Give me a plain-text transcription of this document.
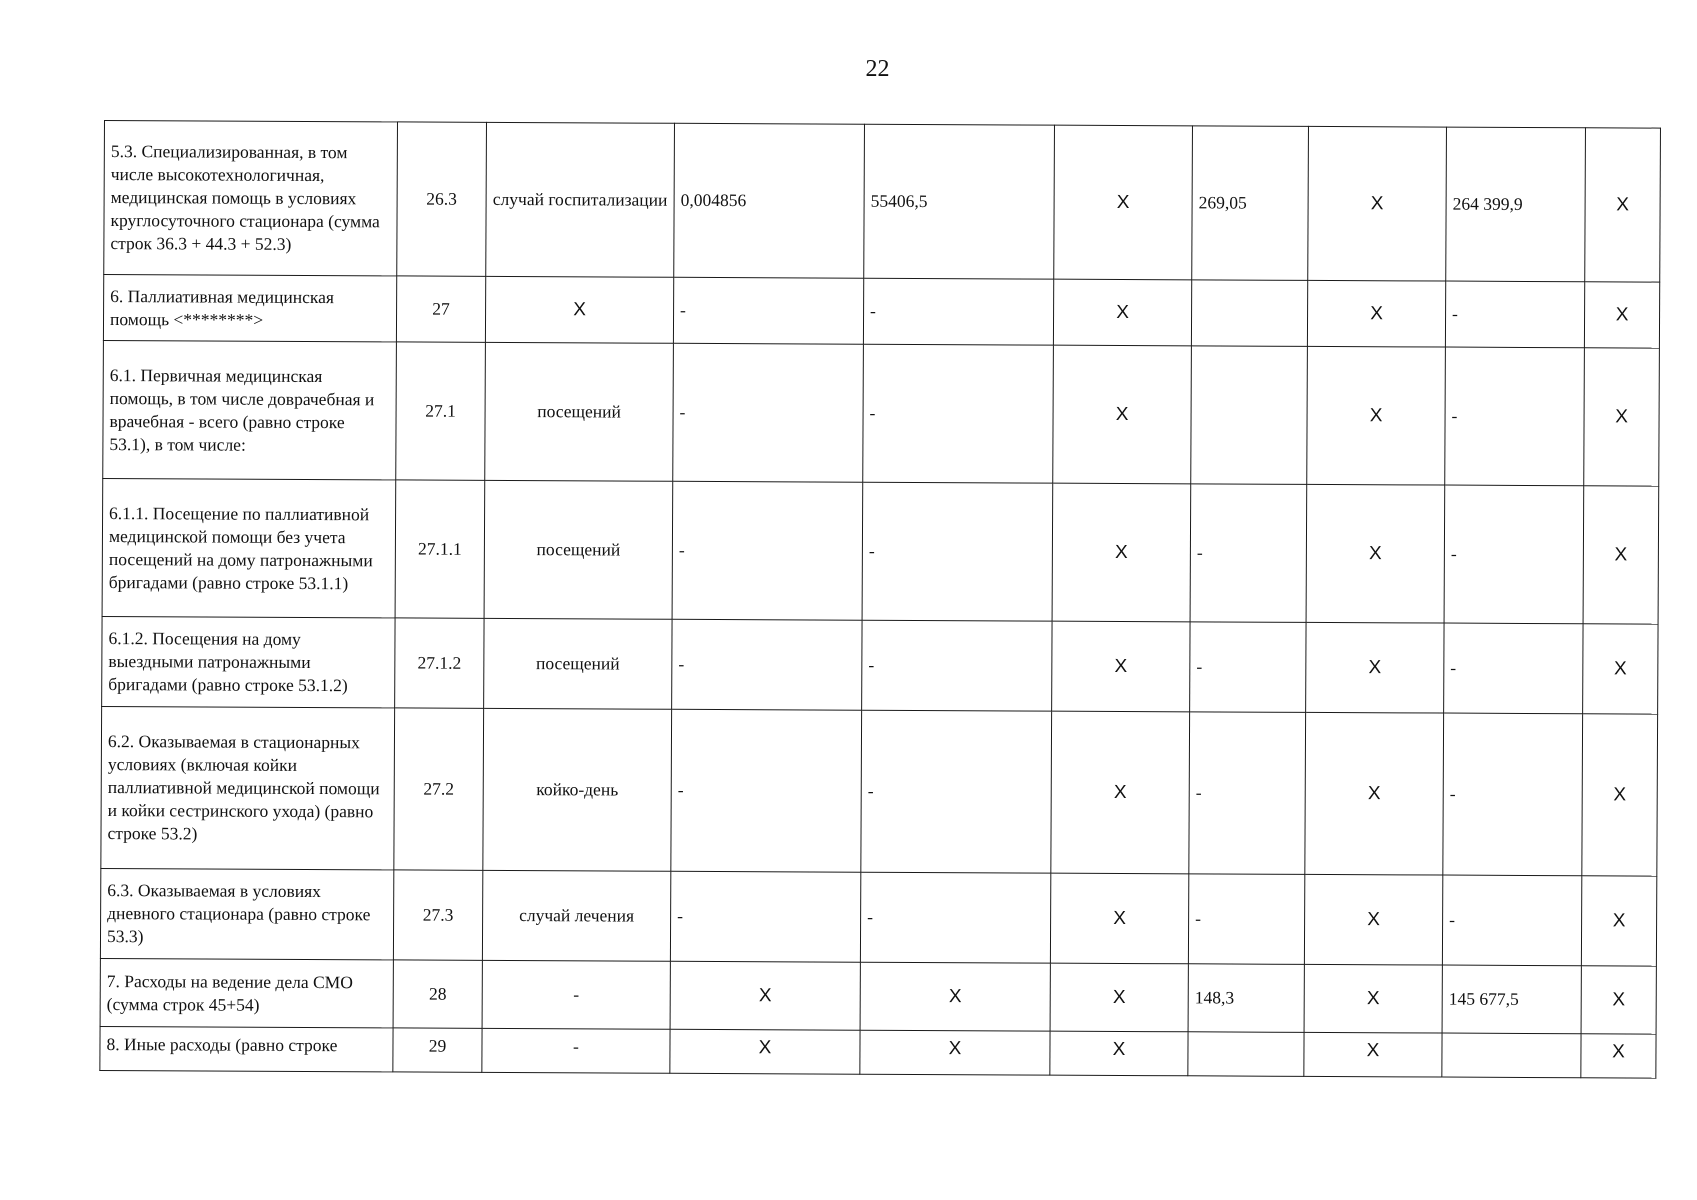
22
5.3. Специализированная, в том числе высокотехнологичная, медицинская помощь в условиях круглосуточного стационара (сумма строк 36.3 + 44.3 + 52.3)	26.3	случай госпитализации	0,004856	55406,5	X	269,05	X	264 399,9	X
6. Паллиативная медицинская помощь <********>	27	X	-	-	X		X	-	X
6.1. Первичная медицинская помощь, в том числе доврачебная и врачебная - всего (равно строке 53.1), в том числе:	27.1	посещений	-	-	X		X	-	X
6.1.1. Посещение по паллиативной медицинской помощи без учета посещений на дому патронажными бригадами (равно строке 53.1.1)	27.1.1	посещений	-	-	X	-	X	-	X
6.1.2. Посещения на дому выездными патронажными бригадами (равно строке 53.1.2)	27.1.2	посещений	-	-	X	-	X	-	X
6.2. Оказываемая в стационарных условиях (включая койки паллиативной медицинской помощи и койки сестринского ухода) (равно строке 53.2)	27.2	койко-день	-	-	X	-	X	-	X
6.3. Оказываемая в условиях дневного стационара (равно строке 53.3)	27.3	случай лечения	-	-	X	-	X	-	X
7. Расходы на ведение дела СМО (сумма строк 45+54)	28	-	X	X	X	148,3	X	145 677,5	X
8. Иные расходы (равно строке	29	-	X	X	X		X		X
